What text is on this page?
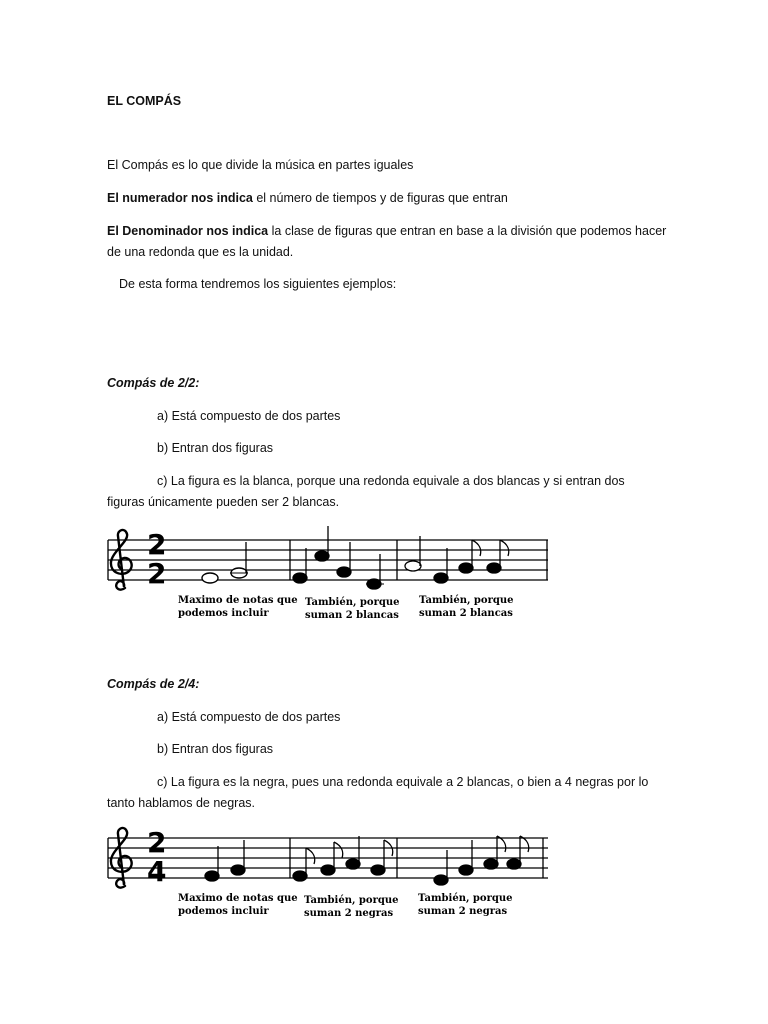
EL COMPÁS
El Compás es lo que divide la música en partes iguales
El numerador nos indica el número de tiempos y de figuras que entran
El Denominador nos indica la clase de figuras que entran en base a la división que podemos hacer
de una redonda que es la unidad.
De esta forma tendremos los siguientes ejemplos:
Compás de 2/2:
a) Está compuesto de dos partes
b) Entran dos figuras
c) La figura es la blanca, porque una redonda equivale a dos blancas y si entran dos
figuras únicamente pueden ser 2 blancas.
2
2
Maximo de notas que
podemos incluir
También, porque
suman 2 blancas
También, porque
suman 2 blancas
Compás de 2/4:
a) Está compuesto de dos partes
b) Entran dos figuras
c) La figura es la negra, pues una redonda equivale a 2 blancas, o bien a 4 negras por lo
tanto hablamos de negras.
2
4
Maximo de notas que
podemos incluir
También, porque
suman 2 negras
También, porque
suman 2 negras
